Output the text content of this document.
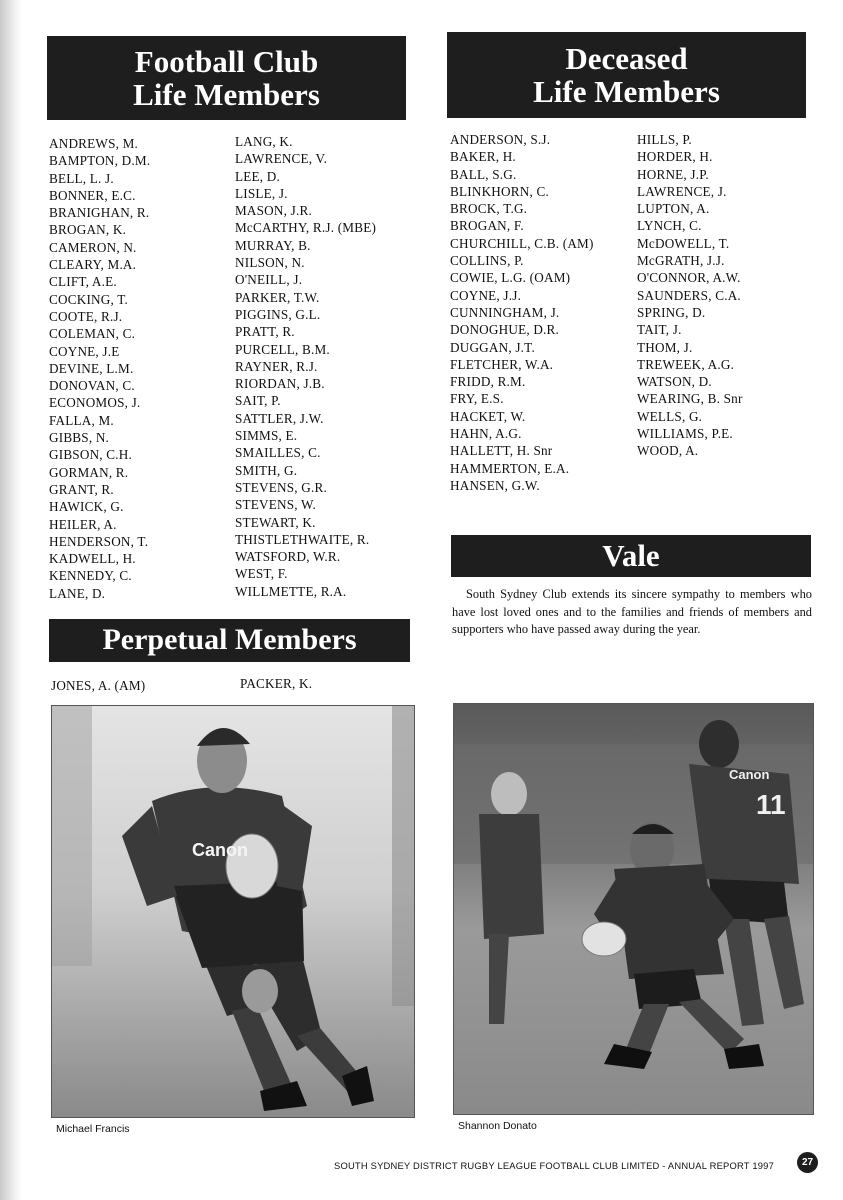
Football Club
Life Members
Deceased
Life Members
ANDREWS, M.
BAMPTON, D.M.
BELL, L. J.
BONNER, E.C.
BRANIGHAN, R.
BROGAN, K.
CAMERON, N.
CLEARY, M.A.
CLIFT, A.E.
COCKING, T.
COOTE, R.J.
COLEMAN, C.
COYNE, J.E
DEVINE, L.M.
DONOVAN, C.
ECONOMOS, J.
FALLA, M.
GIBBS, N.
GIBSON, C.H.
GORMAN, R.
GRANT, R.
HAWICK, G.
HEILER, A.
HENDERSON, T.
KADWELL, H.
KENNEDY, C.
LANE, D.
LANG, K.
LAWRENCE, V.
LEE, D.
LISLE, J.
MASON, J.R.
McCARTHY, R.J. (MBE)
MURRAY, B.
NILSON, N.
O'NEILL, J.
PARKER, T.W.
PIGGINS, G.L.
PRATT, R.
PURCELL, B.M.
RAYNER, R.J.
RIORDAN, J.B.
SAIT, P.
SATTLER, J.W.
SIMMS, E.
SMAILLES, C.
SMITH, G.
STEVENS, G.R.
STEVENS, W.
STEWART, K.
THISTLETHWAITE, R.
WATSFORD, W.R.
WEST, F.
WILLMETTE, R.A.
ANDERSON, S.J.
BAKER, H.
BALL, S.G.
BLINKHORN, C.
BROCK, T.G.
BROGAN, F.
CHURCHILL, C.B. (AM)
COLLINS, P.
COWIE, L.G. (OAM)
COYNE, J.J.
CUNNINGHAM, J.
DONOGHUE, D.R.
DUGGAN, J.T.
FLETCHER, W.A.
FRIDD, R.M.
FRY, E.S.
HACKET, W.
HAHN, A.G.
HALLETT, H. Snr
HAMMERTON, E.A.
HANSEN, G.W.
HILLS, P.
HORDER, H.
HORNE, J.P.
LAWRENCE, J.
LUPTON, A.
LYNCH, C.
McDOWELL, T.
McGRATH, J.J.
O'CONNOR, A.W.
SAUNDERS, C.A.
SPRING, D.
TAIT, J.
THOM, J.
TREWEEK, A.G.
WATSON, D.
WEARING, B. Snr
WELLS, G.
WILLIAMS, P.E.
WOOD, A.
Perpetual Members
JONES, A. (AM)	PACKER, K.
Vale
South Sydney Club extends its sincere sympathy to members who have lost loved ones and to the families and friends of members and supporters who have passed away during the year.
Canon
Michael Francis
11
Canon
Shannon Donato
SOUTH SYDNEY DISTRICT RUGBY LEAGUE FOOTBALL CLUB LIMITED - ANNUAL REPORT 1997	27
